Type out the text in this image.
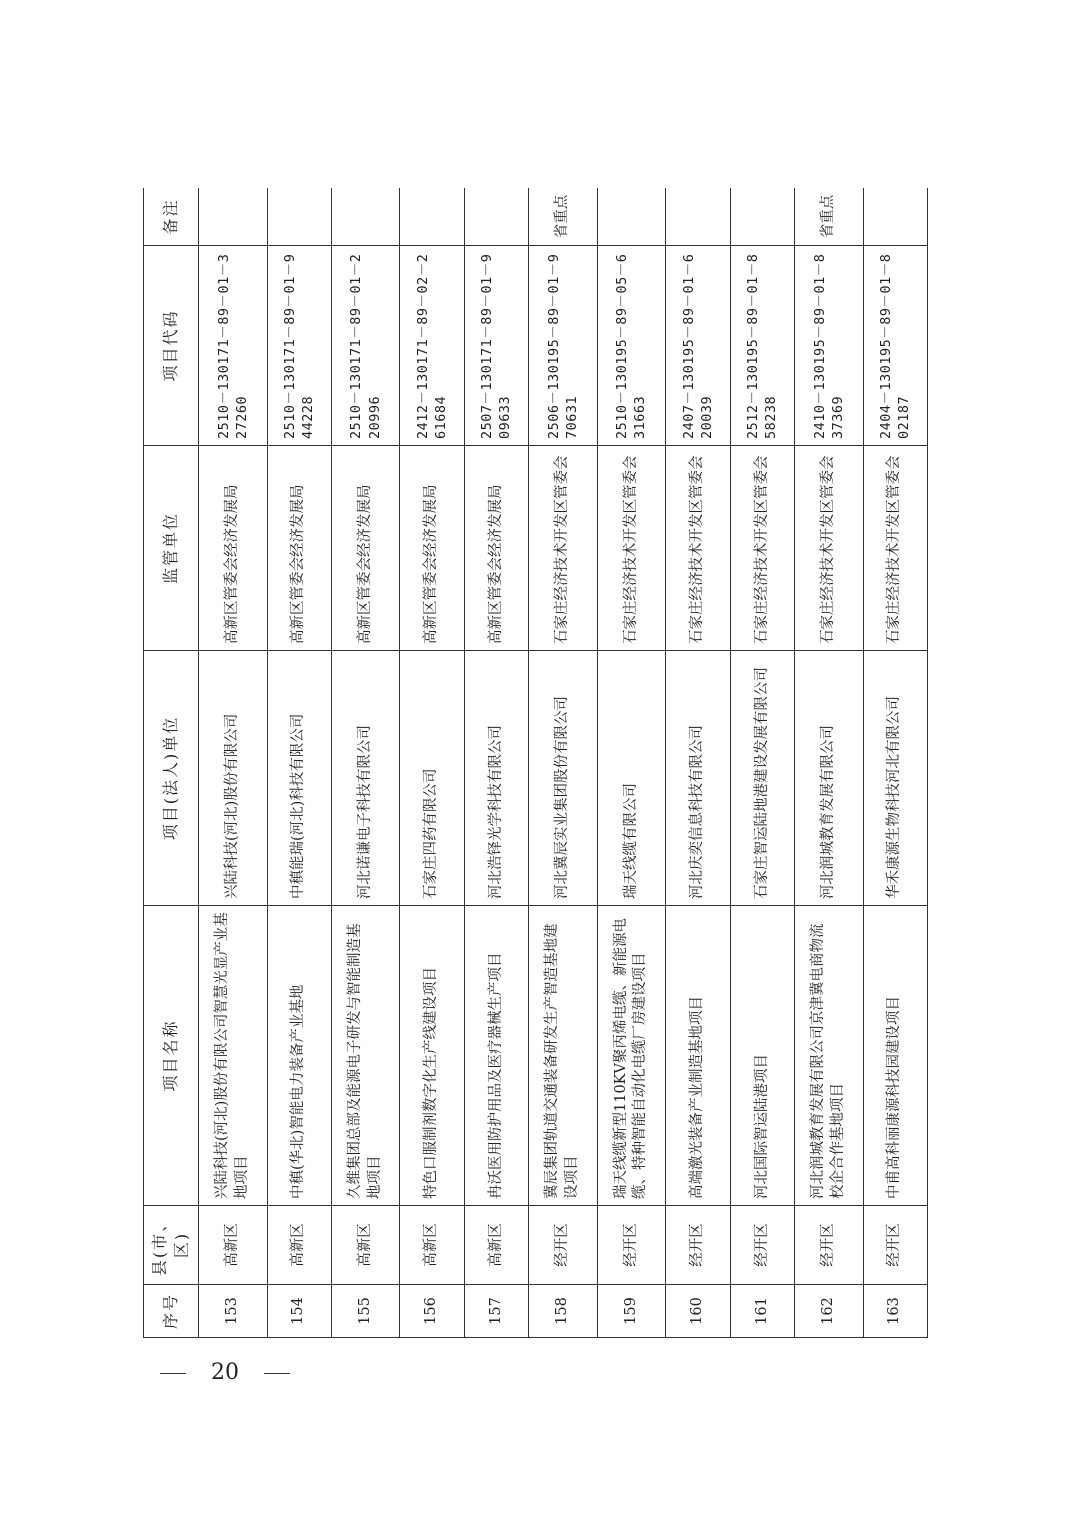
序号	县(市、区)	项目名称	项目(法人)单位	监管单位	项目代码	备注
153	高新区	兴陆科技(河北)股份有限公司智慧光显产业基地项目	兴陆科技(河北)股份有限公司	高新区管委会经济发展局	2510－130171－89－01－327260	
154	高新区	中稹(华北)智能电力装备产业基地	中稹能瑞(河北)科技有限公司	高新区管委会经济发展局	2510－130171－89－01－944228	
155	高新区	久维集团总部及能源电子研发与智能制造基地项目	河北诺谦电子科技有限公司	高新区管委会经济发展局	2510－130171－89－01－220996	
156	高新区	特色口服制剂数字化生产线建设项目	石家庄四药有限公司	高新区管委会经济发展局	2412－130171－89－02－261684	
157	高新区	冉沃医用防护用品及医疗器械生产项目	河北浩铎光学科技有限公司	高新区管委会经济发展局	2507－130171－89－01－909633	
158	经开区	冀辰集团轨道交通装备研发生产智造基地建设项目	河北冀辰实业集团股份有限公司	石家庄经济技术开发区管委会	2506－130195－89－01－970631	省重点
159	经开区	瑞天线缆新型110KV聚丙烯电缆、新能源电缆、特种智能自动化电缆厂房建设项目	瑞天线缆有限公司	石家庄经济技术开发区管委会	2510－130195－89－05－631663	
160	经开区	高端激光装备产业制造基地项目	河北庆奕信息科技有限公司	石家庄经济技术开发区管委会	2407－130195－89－01－620039	
161	经开区	河北国际智运陆港项目	石家庄智运陆地港建设发展有限公司	石家庄经济技术开发区管委会	2512－130195－89－01－858238	
162	经开区	河北润城教育发展有限公司京津冀电商物流校企合作基地项目	河北润城教育发展有限公司	石家庄经济技术开发区管委会	2410－130195－89－01－837369	省重点
163	经开区	中甫高科丽康源科技园建设项目	华禾康源生物科技河北有限公司	石家庄经济技术开发区管委会	2404－130195－89－01－802187	
20
